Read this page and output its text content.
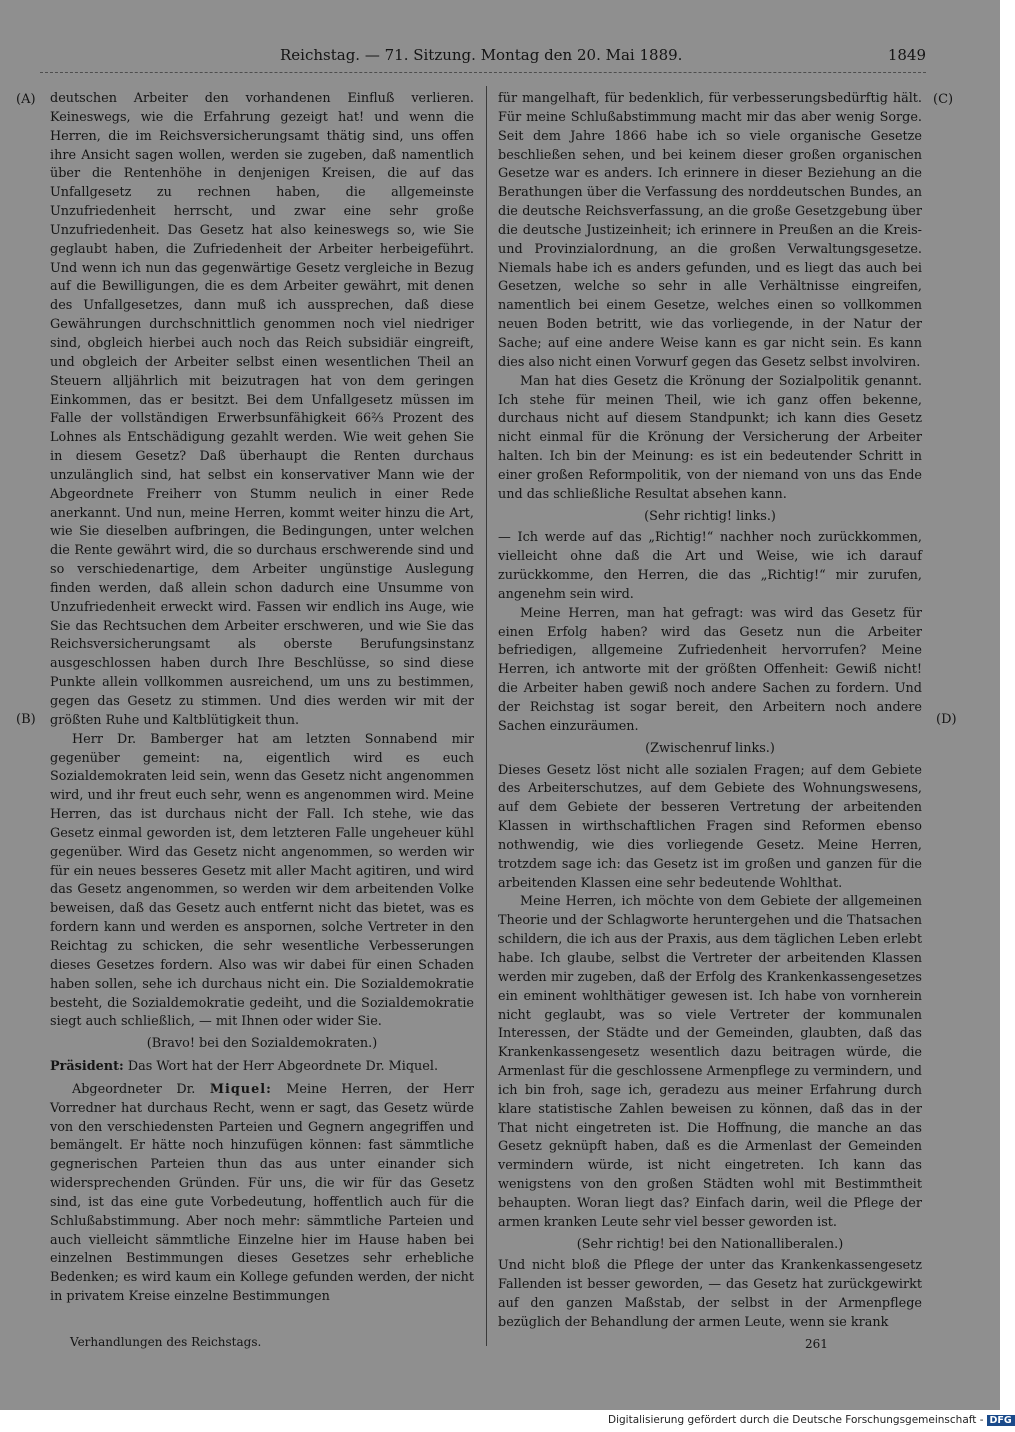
Reichstag. — 71. Sitzung. Montag den 20. Mai 1889.	1849
(A)
(B)
(C)
(D)

deutschen Arbeiter den vorhandenen Einfluß verlieren. Keineswegs, wie die Erfahrung gezeigt hat! und wenn die Herren, die im Reichsversicherungsamt thätig sind, uns offen ihre Ansicht sagen wollen, werden sie zugeben, daß namentlich über die Rentenhöhe in denjenigen Kreisen, die auf das Unfallgesetz zu rechnen haben, die allgemeinste Unzufriedenheit herrscht, und zwar eine sehr große Unzufriedenheit. Das Gesetz hat also keineswegs so, wie Sie geglaubt haben, die Zufriedenheit der Arbeiter herbeigeführt. Und wenn ich nun das gegenwärtige Gesetz vergleiche in Bezug auf die Bewilligungen, die es dem Arbeiter gewährt, mit denen des Unfallgesetzes, dann muß ich aussprechen, daß diese Gewährungen durchschnittlich genommen noch viel niedriger sind, obgleich hierbei auch noch das Reich subsidiär eingreift, und obgleich der Arbeiter selbst einen wesentlichen Theil an Steuern alljährlich mit beizutragen hat von dem geringen Einkommen, das er besitzt. Bei dem Unfallgesetz müssen im Falle der vollständigen Erwerbsunfähigkeit 66⅔ Prozent des Lohnes als Entschädigung gezahlt werden. Wie weit gehen Sie in diesem Gesetz? Daß überhaupt die Renten durchaus unzulänglich sind, hat selbst ein konservativer Mann wie der Abgeordnete Freiherr von Stumm neulich in einer Rede anerkannt. Und nun, meine Herren, kommt weiter hinzu die Art, wie Sie dieselben aufbringen, die Bedingungen, unter welchen die Rente gewährt wird, die so durchaus erschwerende sind und so verschiedenartige, dem Arbeiter ungünstige Auslegung finden werden, daß allein schon dadurch eine Unsumme von Unzufriedenheit erweckt wird. Fassen wir endlich ins Auge, wie Sie das Rechtsuchen dem Arbeiter erschweren, und wie Sie das Reichsversicherungsamt als oberste Berufungsinstanz ausgeschlossen haben durch Ihre Beschlüsse, so sind diese Punkte allein vollkommen ausreichend, um uns zu bestimmen, gegen das Gesetz zu stimmen. Und dies werden wir mit der größten Ruhe und Kaltblütigkeit thun.

Herr Dr. Bamberger hat am letzten Sonnabend mir gegenüber gemeint: na, eigentlich wird es euch Sozialdemokraten leid sein, wenn das Gesetz nicht angenommen wird, und ihr freut euch sehr, wenn es angenommen wird. Meine Herren, das ist durchaus nicht der Fall. Ich stehe, wie das Gesetz einmal geworden ist, dem letzteren Falle ungeheuer kühl gegenüber. Wird das Gesetz nicht angenommen, so werden wir für ein neues besseres Gesetz mit aller Macht agitiren, und wird das Gesetz angenommen, so werden wir dem arbeitenden Volke beweisen, daß das Gesetz auch entfernt nicht das bietet, was es fordern kann und werden es anspornen, solche Vertreter in den Reichtag zu schicken, die sehr wesentliche Verbesserungen dieses Gesetzes fordern. Also was wir dabei für einen Schaden haben sollen, sehe ich durchaus nicht ein. Die Sozialdemokratie besteht, die Sozialdemokratie gedeiht, und die Sozialdemokratie siegt auch schließlich, — mit Ihnen oder wider Sie.

(Bravo! bei den Sozialdemokraten.)

Präsident: Das Wort hat der Herr Abgeordnete Dr. Miquel.

Abgeordneter Dr. Miquel: Meine Herren, der Herr Vorredner hat durchaus Recht, wenn er sagt, das Gesetz würde von den verschiedensten Parteien und Gegnern angegriffen und bemängelt. Er hätte noch hinzufügen können: fast sämmtliche gegnerischen Parteien thun das aus unter einander sich widersprechenden Gründen. Für uns, die wir für das Gesetz sind, ist das eine gute Vorbedeutung, hoffentlich auch für die Schlußabstimmung. Aber noch mehr: sämmtliche Parteien und auch vielleicht sämmtliche Einzelne hier im Hause haben bei einzelnen Bestimmungen dieses Gesetzes sehr erhebliche Bedenken; es wird kaum ein Kollege gefunden werden, der nicht in privatem Kreise einzelne Bestimmungen

für mangelhaft, für bedenklich, für verbesserungsbedürftig hält. Für meine Schlußabstimmung macht mir das aber wenig Sorge. Seit dem Jahre 1866 habe ich so viele organische Gesetze beschließen sehen, und bei keinem dieser großen organischen Gesetze war es anders. Ich erinnere in dieser Beziehung an die Berathungen über die Verfassung des norddeutschen Bundes, an die deutsche Reichsverfassung, an die große Gesetzgebung über die deutsche Justizeinheit; ich erinnere in Preußen an die Kreis- und Provinzialordnung, an die großen Verwaltungsgesetze. Niemals habe ich es anders gefunden, und es liegt das auch bei Gesetzen, welche so sehr in alle Verhältnisse eingreifen, namentlich bei einem Gesetze, welches einen so vollkommen neuen Boden betritt, wie das vorliegende, in der Natur der Sache; auf eine andere Weise kann es gar nicht sein. Es kann dies also nicht einen Vorwurf gegen das Gesetz selbst involviren.

Man hat dies Gesetz die Krönung der Sozialpolitik genannt. Ich stehe für meinen Theil, wie ich ganz offen bekenne, durchaus nicht auf diesem Standpunkt; ich kann dies Gesetz nicht einmal für die Krönung der Versicherung der Arbeiter halten. Ich bin der Meinung: es ist ein bedeutender Schritt in einer großen Reformpolitik, von der niemand von uns das Ende und das schließliche Resultat absehen kann.

(Sehr richtig! links.)

— Ich werde auf das „Richtig!“ nachher noch zurückkommen, vielleicht ohne daß die Art und Weise, wie ich darauf zurückkomme, den Herren, die das „Richtig!“ mir zurufen, angenehm sein wird.

Meine Herren, man hat gefragt: was wird das Gesetz für einen Erfolg haben? wird das Gesetz nun die Arbeiter befriedigen, allgemeine Zufriedenheit hervorrufen? Meine Herren, ich antworte mit der größten Offenheit: Gewiß nicht! die Arbeiter haben gewiß noch andere Sachen zu fordern. Und der Reichstag ist sogar bereit, den Arbeitern noch andere Sachen einzuräumen.

(Zwischenruf links.)

Dieses Gesetz löst nicht alle sozialen Fragen; auf dem Gebiete des Arbeiterschutzes, auf dem Gebiete des Wohnungswesens, auf dem Gebiete der besseren Vertretung der arbeitenden Klassen in wirthschaftlichen Fragen sind Reformen ebenso nothwendig, wie dies vorliegende Gesetz. Meine Herren, trotzdem sage ich: das Gesetz ist im großen und ganzen für die arbeitenden Klassen eine sehr bedeutende Wohlthat.

Meine Herren, ich möchte von dem Gebiete der allgemeinen Theorie und der Schlagworte heruntergehen und die Thatsachen schildern, die ich aus der Praxis, aus dem täglichen Leben erlebt habe. Ich glaube, selbst die Vertreter der arbeitenden Klassen werden mir zugeben, daß der Erfolg des Krankenkassengesetzes ein eminent wohlthätiger gewesen ist. Ich habe von vornherein nicht geglaubt, was so viele Vertreter der kommunalen Interessen, der Städte und der Gemeinden, glaubten, daß das Krankenkassengesetz wesentlich dazu beitragen würde, die Armenlast für die geschlossene Armenpflege zu vermindern, und ich bin froh, sage ich, geradezu aus meiner Erfahrung durch klare statistische Zahlen beweisen zu können, daß das in der That nicht eingetreten ist. Die Hoffnung, die manche an das Gesetz geknüpft haben, daß es die Armenlast der Gemeinden vermindern würde, ist nicht eingetreten. Ich kann das wenigstens von den großen Städten wohl mit Bestimmtheit behaupten. Woran liegt das? Einfach darin, weil die Pflege der armen kranken Leute sehr viel besser geworden ist.

(Sehr richtig! bei den Nationalliberalen.)

Und nicht bloß die Pflege der unter das Krankenkassengesetz Fallenden ist besser geworden, — das Gesetz hat zurückgewirkt auf den ganzen Maßstab, der selbst in der Armenpflege bezüglich der Behandlung der armen Leute, wenn sie krank

Verhandlungen des Reichstags.	261
Digitalisierung gefördert durch die Deutsche Forschungsgemeinschaft - DFG
